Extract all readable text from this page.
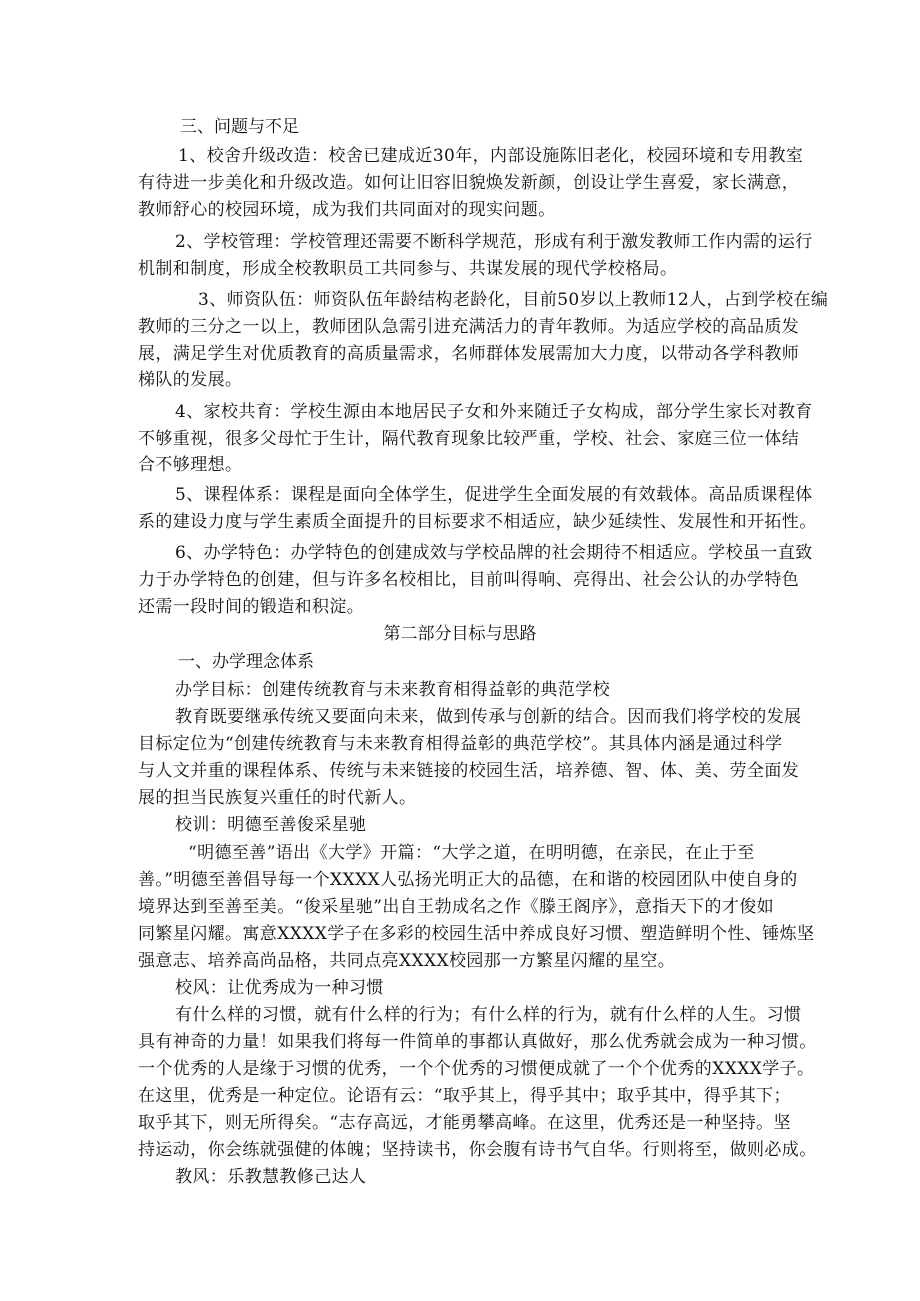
三、问题与不足
1、校舍升级改造：校舍已建成近30年，内部设施陈旧老化，校园环境和专用教室
有待进一步美化和升级改造。如何让旧容旧貌焕发新颜，创设让学生喜爱，家长满意，
教师舒心的校园环境，成为我们共同面对的现实问题。
2、学校管理：学校管理还需要不断科学规范，形成有利于激发教师工作内需的运行
机制和制度，形成全校教职员工共同参与、共谋发展的现代学校格局。
3、师资队伍：师资队伍年龄结构老龄化，目前50岁以上教师12人，占到学校在编
教师的三分之一以上，教师团队急需引进充满活力的青年教师。为适应学校的高品质发
展，满足学生对优质教育的高质量需求，名师群体发展需加大力度，以带动各学科教师
梯队的发展。
4、家校共育：学校生源由本地居民子女和外来随迁子女构成，部分学生家长对教育
不够重视，很多父母忙于生计，隔代教育现象比较严重，学校、社会、家庭三位一体结
合不够理想。
5、课程体系：课程是面向全体学生，促进学生全面发展的有效载体。高品质课程体
系的建设力度与学生素质全面提升的目标要求不相适应，缺少延续性、发展性和开拓性。
6、办学特色：办学特色的创建成效与学校品牌的社会期待不相适应。学校虽一直致
力于办学特色的创建，但与许多名校相比，目前叫得响、亮得出、社会公认的办学特色
还需一段时间的锻造和积淀。
第二部分目标与思路
一、办学理念体系
办学目标：创建传统教育与未来教育相得益彰的典范学校
教育既要继承传统又要面向未来，做到传承与创新的结合。因而我们将学校的发展
目标定位为“创建传统教育与未来教育相得益彰的典范学校”。其具体内涵是通过科学
与人文并重的课程体系、传统与未来链接的校园生活，培养德、智、体、美、劳全面发
展的担当民族复兴重任的时代新人。
校训：明德至善俊采星驰
“明德至善”语出《大学》开篇：“大学之道，在明明德，在亲民，在止于至
善。”明德至善倡导每一个XXXX人弘扬光明正大的品德，在和谐的校园团队中使自身的
境界达到至善至美。“俊采星驰”出自王勃成名之作《滕王阁序》，意指天下的才俊如
同繁星闪耀。寓意XXXX学子在多彩的校园生活中养成良好习惯、塑造鲜明个性、锤炼坚
强意志、培养高尚品格，共同点亮XXXX校园那一方繁星闪耀的星空。
校风：让优秀成为一种习惯
有什么样的习惯，就有什么样的行为；有什么样的行为，就有什么样的人生。习惯
具有神奇的力量！如果我们将每一件简单的事都认真做好，那么优秀就会成为一种习惯。
一个优秀的人是缘于习惯的优秀，一个个优秀的习惯便成就了一个个优秀的XXXX学子。
在这里，优秀是一种定位。论语有云：“取乎其上，得乎其中；取乎其中，得乎其下；
取乎其下，则无所得矣。“志存高远，才能勇攀高峰。在这里，优秀还是一种坚持。坚
持运动，你会练就强健的体魄；坚持读书，你会腹有诗书气自华。行则将至，做则必成。
教风：乐教慧教修己达人
